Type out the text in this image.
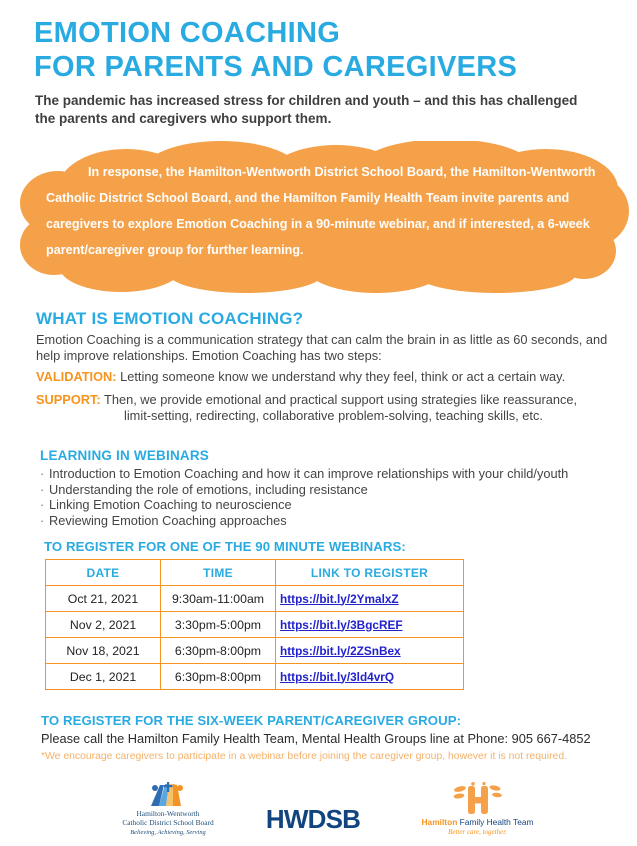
EMOTION COACHING
FOR PARENTS AND CAREGIVERS
The pandemic has increased stress for children and youth – and this has challenged the parents and caregivers who support them.
In response, the Hamilton-Wentworth District School Board, the Hamilton-Wentworth Catholic District School Board, and the Hamilton Family Health Team invite parents and caregivers to explore Emotion Coaching in a 90-minute webinar, and if interested, a 6-week parent/caregiver group for further learning.
WHAT IS EMOTION COACHING?
Emotion Coaching is a communication strategy that can calm the brain in as little as 60 seconds, and help improve relationships. Emotion Coaching has two steps:
VALIDATION: Letting someone know we understand why they feel, think or act a certain way.
SUPPORT: Then, we provide emotional and practical support using strategies like reassurance,
limit-setting, redirecting, collaborative problem-solving, teaching skills, etc.
LEARNING IN WEBINARS
· Introduction to Emotion Coaching and how it can improve relationships with your child/youth
· Understanding the role of emotions, including resistance
· Linking Emotion Coaching to neuroscience
· Reviewing Emotion Coaching approaches
TO REGISTER FOR ONE OF THE 90 MINUTE WEBINARS:
DATE	TIME	LINK TO REGISTER
Oct 21, 2021	9:30am-11:00am	https://bit.ly/2YmalxZ
Nov 2, 2021	3:30pm-5:00pm	https://bit.ly/3BgcREF
Nov 18, 2021	6:30pm-8:00pm	https://bit.ly/2ZSnBex
Dec 1, 2021	6:30pm-8:00pm	https://bit.ly/3ld4vrQ
TO REGISTER FOR THE SIX-WEEK PARENT/CAREGIVER GROUP:
Please call the Hamilton Family Health Team, Mental Health Groups line at Phone: 905 667-4852
*We encourage caregivers to participate in a webinar before joining the caregiver group, however it is not required.
Hamilton-Wentworth
Catholic District School Board
Believing, Achieving, Serving	HWDSB	Hamilton Family Health Team
Better care, together.
